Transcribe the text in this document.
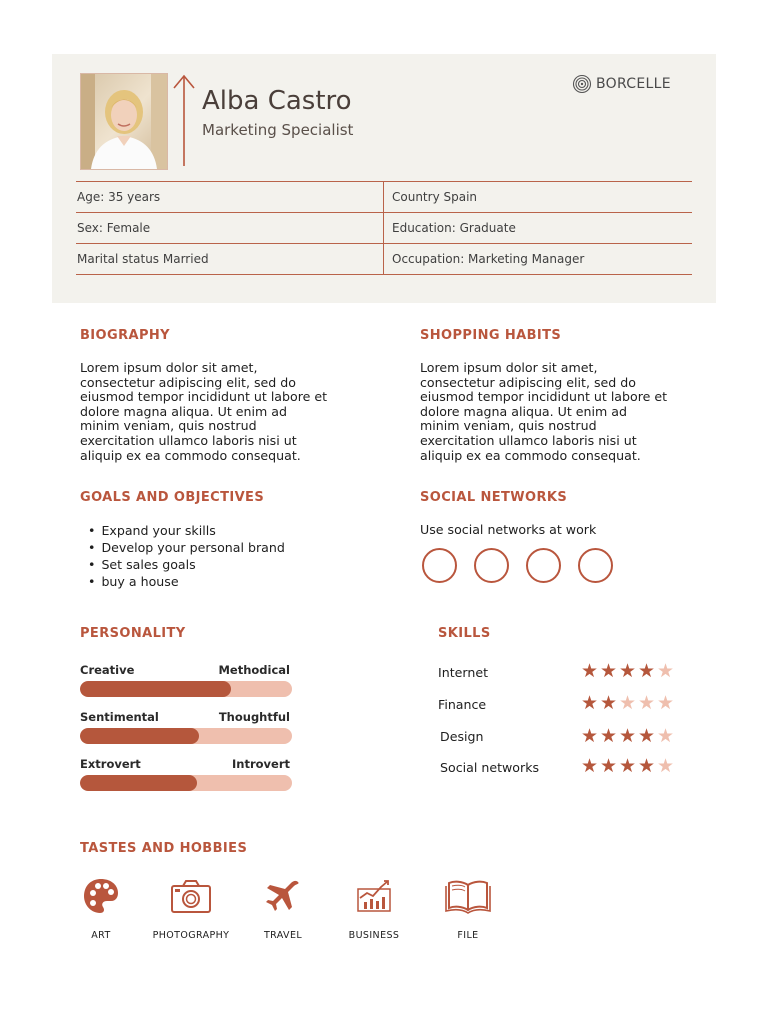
Alba Castro
Marketing Specialist
BORCELLE
Age: 35 years	Country Spain
Sex: Female	Education: Graduate
Marital status Married	Occupation: Marketing Manager
BIOGRAPHY
Lorem ipsum dolor sit amet, consectetur adipiscing elit, sed do eiusmod tempor incididunt ut labore et dolore magna aliqua. Ut enim ad minim veniam, quis nostrud exercitation ullamco laboris nisi ut aliquip ex ea commodo consequat.
SHOPPING HABITS
Lorem ipsum dolor sit amet, consectetur adipiscing elit, sed do eiusmod tempor incididunt ut labore et dolore magna aliqua. Ut enim ad minim veniam, quis nostrud exercitation ullamco laboris nisi ut aliquip ex ea commodo consequat.
GOALS AND OBJECTIVES
• Expand your skills
• Develop your personal brand
• Set sales goals
• buy a house
SOCIAL NETWORKS
Use social networks at work
PERSONALITY
Creative	Methodical
Sentimental	Thoughtful
Extrovert	Introvert
SKILLS
Internet	★ ★ ★ ★ ★
Finance	★ ★ ★ ★ ★
Design	★ ★ ★ ★ ★
Social networks ★ ★ ★ ★ ★
TASTES AND HOBBIES
ART	PHOTOGRAPHY	TRAVEL	BUSINESS	FILE
